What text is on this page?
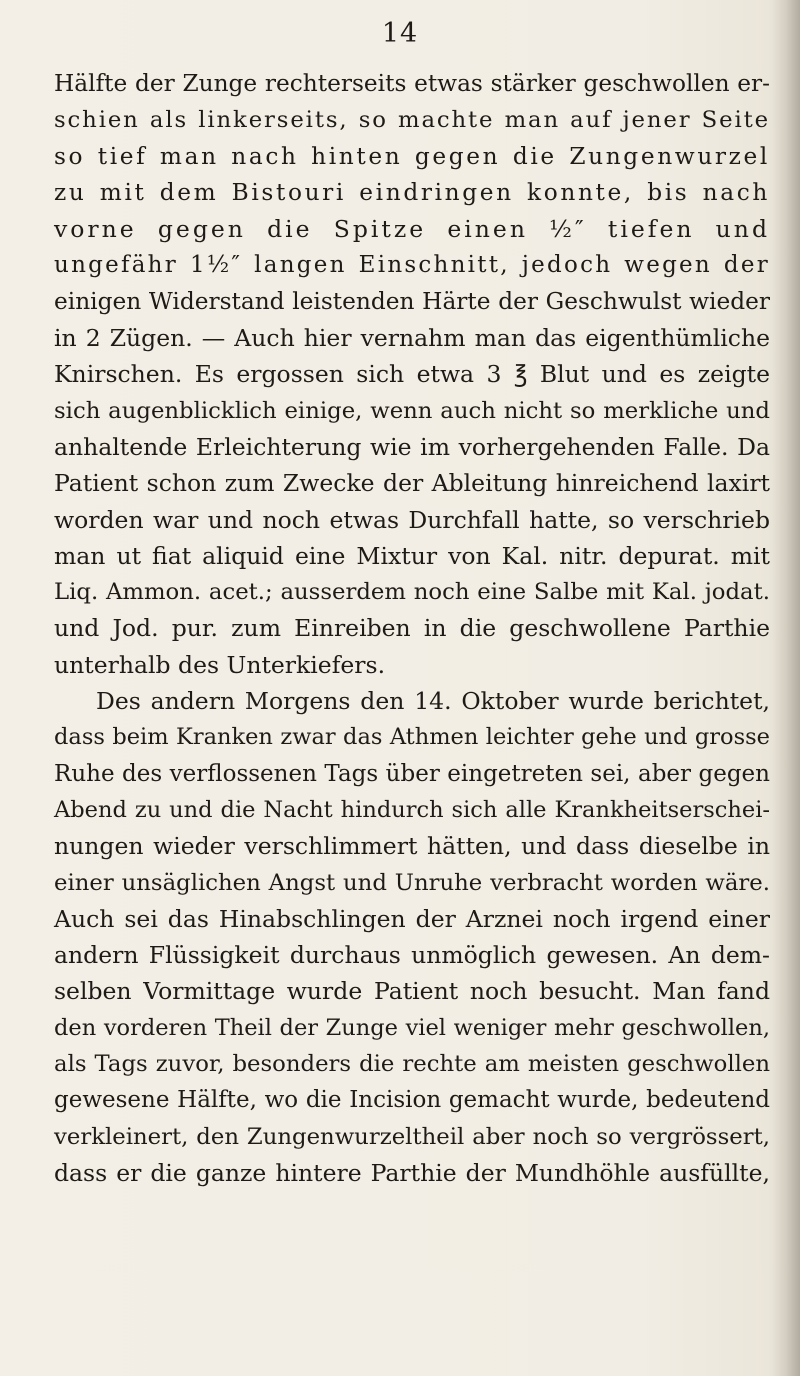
14
Hälfte der Zunge rechterseits etwas stärker geschwollen er-
schien als linkerseits, so machte man auf jener Seite
so tief man nach hinten gegen die Zungenwurzel
zu mit dem Bistouri eindringen konnte, bis nach
vorne gegen die Spitze einen ½″ tiefen und
ungefähr 1½″ langen Einschnitt, jedoch wegen der
einigen Widerstand leistenden Härte der Geschwulst wieder
in 2 Zügen. — Auch hier vernahm man das eigenthümliche
Knirschen. Es ergossen sich etwa 3 ℥ Blut und es zeigte
sich augenblicklich einige, wenn auch nicht so merkliche und
anhaltende Erleichterung wie im vorhergehenden Falle. Da
Patient schon zum Zwecke der Ableitung hinreichend laxirt
worden war und noch etwas Durchfall hatte, so verschrieb
man ut fiat aliquid eine Mixtur von Kal. nitr. depurat. mit
Liq. Ammon. acet.; ausserdem noch eine Salbe mit Kal. jodat.
und Jod. pur. zum Einreiben in die geschwollene Parthie
unterhalb des Unterkiefers.
Des andern Morgens den 14. Oktober wurde berichtet,
dass beim Kranken zwar das Athmen leichter gehe und grosse
Ruhe des verflossenen Tags über eingetreten sei, aber gegen
Abend zu und die Nacht hindurch sich alle Krankheitserschei-
nungen wieder verschlimmert hätten, und dass dieselbe in
einer unsäglichen Angst und Unruhe verbracht worden wäre.
Auch sei das Hinabschlingen der Arznei noch irgend einer
andern Flüssigkeit durchaus unmöglich gewesen. An dem-
selben Vormittage wurde Patient noch besucht. Man fand
den vorderen Theil der Zunge viel weniger mehr geschwollen,
als Tags zuvor, besonders die rechte am meisten geschwollen
gewesene Hälfte, wo die Incision gemacht wurde, bedeutend
verkleinert, den Zungenwurzeltheil aber noch so vergrössert,
dass er die ganze hintere Parthie der Mundhöhle ausfüllte,
